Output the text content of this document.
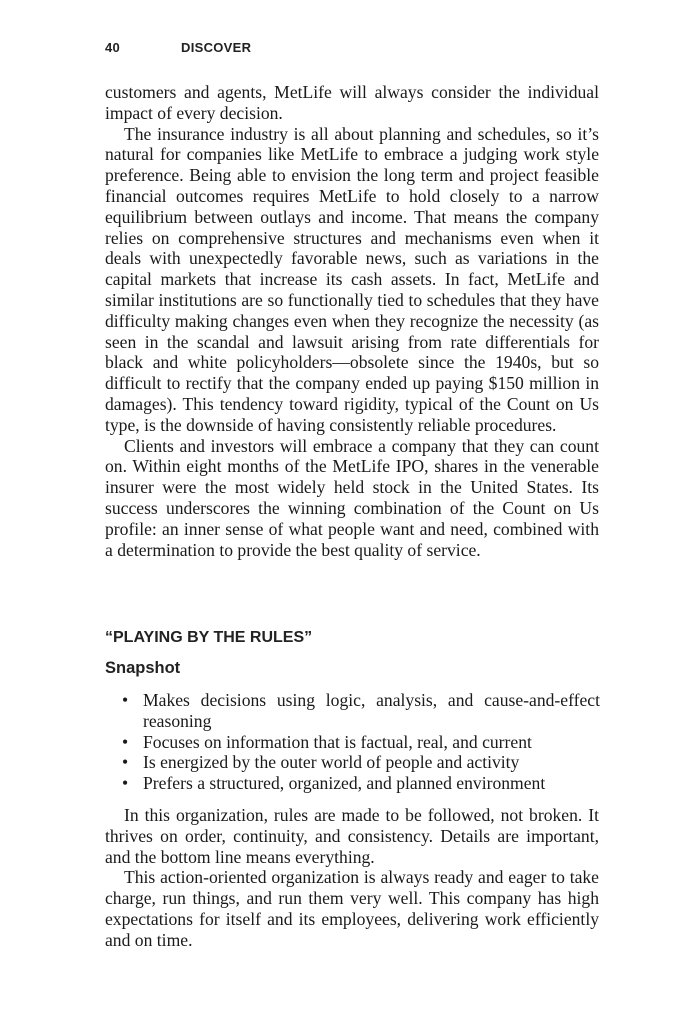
40	DISCOVER

customers and agents, MetLife will always consider the individual impact of every decision.

The insurance industry is all about planning and schedules, so it’s natural for companies like MetLife to embrace a judging work style preference. Being able to envision the long term and project feasible financial outcomes requires MetLife to hold closely to a narrow equilibrium between outlays and income. That means the company relies on comprehensive structures and mechanisms even when it deals with unexpectedly favorable news, such as variations in the capital markets that increase its cash assets. In fact, MetLife and similar institutions are so functionally tied to schedules that they have difficulty making changes even when they recognize the necessity (as seen in the scandal and lawsuit arising from rate differentials for black and white policyholders—obsolete since the 1940s, but so difficult to rectify that the company ended up paying $150 million in damages). This tendency toward rigidity, typical of the Count on Us type, is the downside of having consistently reliable procedures.

Clients and investors will embrace a company that they can count on. Within eight months of the MetLife IPO, shares in the venerable insurer were the most widely held stock in the United States. Its success underscores the winning combination of the Count on Us profile: an inner sense of what people want and need, combined with a determination to provide the best quality of service.

“PLAYING BY THE RULES”
Snapshot
• Makes decisions using logic, analysis, and cause-and-effect reasoning
• Focuses on information that is factual, real, and current
• Is energized by the outer world of people and activity
• Prefers a structured, organized, and planned environment

In this organization, rules are made to be followed, not broken. It thrives on order, continuity, and consistency. Details are important, and the bottom line means everything.

This action-oriented organization is always ready and eager to take charge, run things, and run them very well. This company has high expectations for itself and its employees, delivering work efficiently and on time.
